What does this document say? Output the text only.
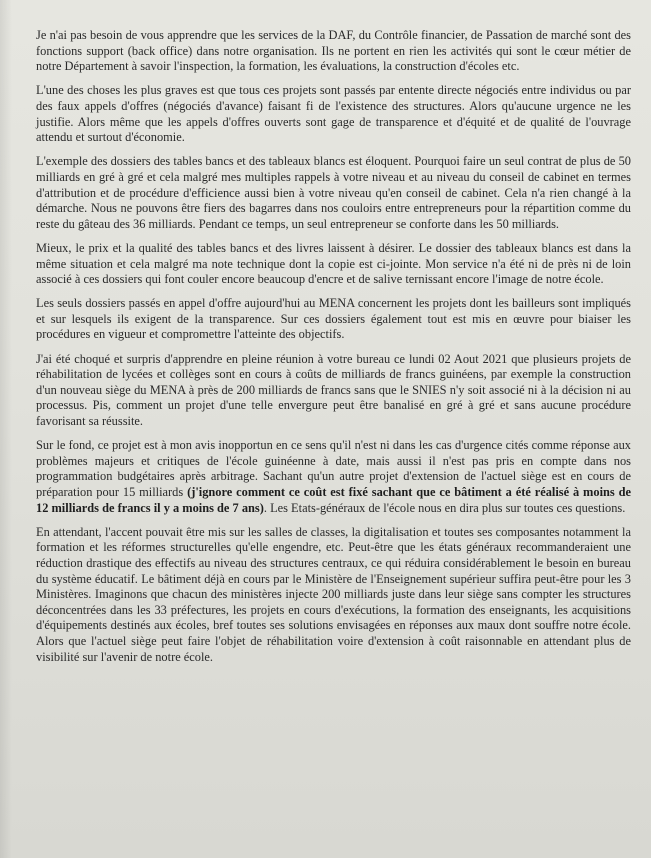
Je n'ai pas besoin de vous apprendre que les services de la DAF, du Contrôle financier, de Passation de marché sont des fonctions support (back office) dans notre organisation. Ils ne portent en rien les activités qui sont le cœur métier de notre Département à savoir l'inspection, la formation, les évaluations, la construction d'écoles etc.

L'une des choses les plus graves est que tous ces projets sont passés par entente directe négociés entre individus ou par des faux appels d'offres (négociés d'avance) faisant fi de l'existence des structures. Alors qu'aucune urgence ne les justifie. Alors même que les appels d'offres ouverts sont gage de transparence et d'équité et de qualité de l'ouvrage attendu et surtout d'économie.

L'exemple des dossiers des tables bancs et des tableaux blancs est éloquent. Pourquoi faire un seul contrat de plus de 50 milliards en gré à gré et cela malgré mes multiples rappels à votre niveau et au niveau du conseil de cabinet en termes d'attribution et de procédure d'efficience aussi bien à votre niveau qu'en conseil de cabinet. Cela n'a rien changé à la démarche. Nous ne pouvons être fiers des bagarres dans nos couloirs entre entrepreneurs pour la répartition comme du reste du gâteau des 36 milliards. Pendant ce temps, un seul entrepreneur se conforte dans les 50 milliards.

Mieux, le prix et la qualité des tables bancs et des livres laissent à désirer. Le dossier des tableaux blancs est dans la même situation et cela malgré ma note technique dont la copie est ci-jointe. Mon service n'a été ni de près ni de loin associé à ces dossiers qui font couler encore beaucoup d'encre et de salive ternissant encore l'image de notre école.

Les seuls dossiers passés en appel d'offre aujourd'hui au MENA concernent les projets dont les bailleurs sont impliqués et sur lesquels ils exigent de la transparence. Sur ces dossiers également tout est mis en œuvre pour biaiser les procédures en vigueur et compromettre l'atteinte des objectifs.

J'ai été choqué et surpris d'apprendre en pleine réunion à votre bureau ce lundi 02 Aout 2021 que plusieurs projets de réhabilitation de lycées et collèges sont en cours à coûts de milliards de francs guinéens, par exemple la construction d'un nouveau siège du MENA à près de 200 milliards de francs sans que le SNIES n'y soit associé ni à la décision ni au processus. Pis, comment un projet d'une telle envergure peut être banalisé en gré à gré et sans aucune procédure favorisant sa réussite.

Sur le fond, ce projet est à mon avis inopportun en ce sens qu'il n'est ni dans les cas d'urgence cités comme réponse aux problèmes majeurs et critiques de l'école guinéenne à date, mais aussi il n'est pas pris en compte dans nos programmation budgétaires après arbitrage. Sachant qu'un autre projet d'extension de l'actuel siège est en cours de préparation pour 15 milliards (j'ignore comment ce coût est fixé sachant que ce bâtiment a été réalisé à moins de 12 milliards de francs il y a moins de 7 ans). Les Etats-généraux de l'école nous en dira plus sur toutes ces questions.

En attendant, l'accent pouvait être mis sur les salles de classes, la digitalisation et toutes ses composantes notamment la formation et les réformes structurelles qu'elle engendre, etc. Peut-être que les états généraux recommanderaient une réduction drastique des effectifs au niveau des structures centraux, ce qui réduira considérablement le besoin en bureau du système éducatif. Le bâtiment déjà en cours par le Ministère de l'Enseignement supérieur suffira peut-être pour les 3 Ministères. Imaginons que chacun des ministères injecte 200 milliards juste dans leur siège sans compter les structures déconcentrées dans les 33 préfectures, les projets en cours d'exécutions, la formation des enseignants, les acquisitions d'équipements destinés aux écoles, bref toutes ses solutions envisagées en réponses aux maux dont souffre notre école. Alors que l'actuel siège peut faire l'objet de réhabilitation voire d'extension à coût raisonnable en attendant plus de visibilité sur l'avenir de notre école.
